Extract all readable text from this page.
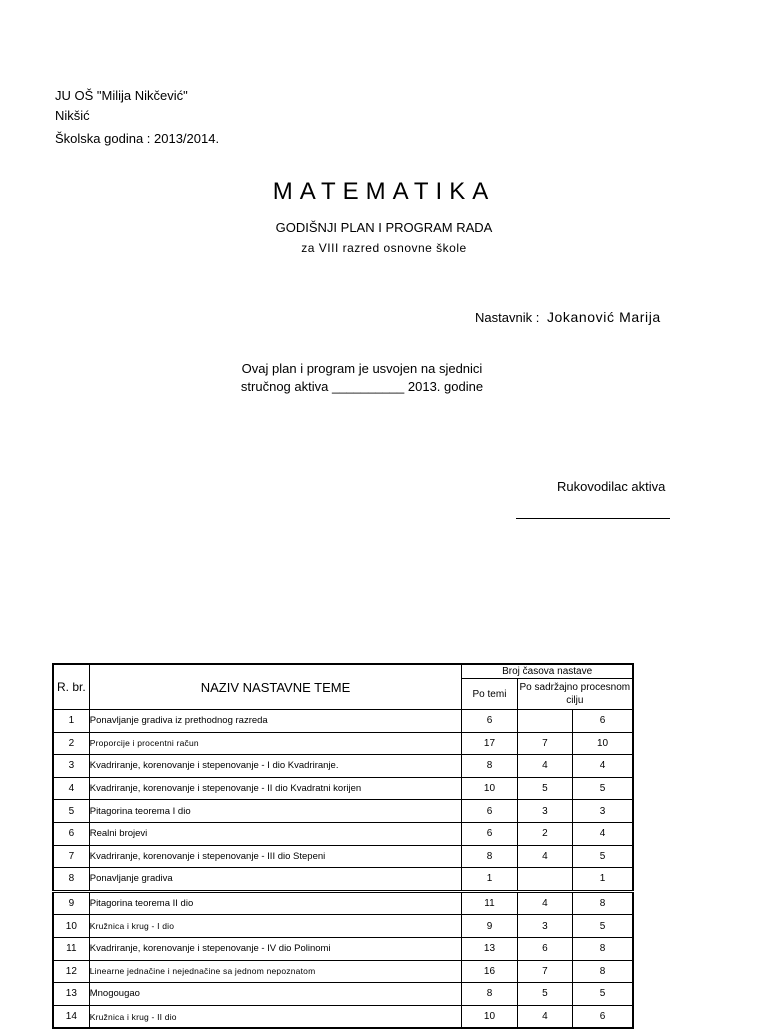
JU OŠ "Milija Nikčević"
Nikšić
Školska godina : 2013/2014.
MATEMATIKA
GODIŠNJI PLAN I PROGRAM RADA
za VIII razred osnovne škole
Nastavnik : Jokanović Marija
Ovaj plan i program je usvojen na sjednici
stručnog aktiva __________ 2013. godine
Rukovodilac aktiva
R. br.	NAZIV NASTAVNE TEME	Broj časova nastave		
		Po temi	Po sadržajno procesnom cilju	
1	Ponavljanje gradiva iz prethodnog razreda	6		6
2	Proporcije i procentni račun	17	7	10
3	Kvadriranje, korenovanje i stepenovanje - I dio Kvadriranje.	8	4	4
4	Kvadriranje, korenovanje i stepenovanje - II dio Kvadratni korijen	10	5	5
5	Pitagorina teorema I dio	6	3	3
6	Realni brojevi	6	2	4
7	Kvadriranje, korenovanje i stepenovanje - III dio Stepeni	8	4	5
8	Ponavljanje gradiva	1		1
9	Pitagorina teorema II dio	11	4	8
10	Kružnica i krug - I dio	9	3	5
11	Kvadriranje, korenovanje i stepenovanje - IV dio Polinomi	13	6	8
12	Linearne jednačine i nejednačine sa jednom nepoznatom	16	7	8
13	Mnogougao	8	5	5
14	Kružnica i krug - II dio	10	4	6
